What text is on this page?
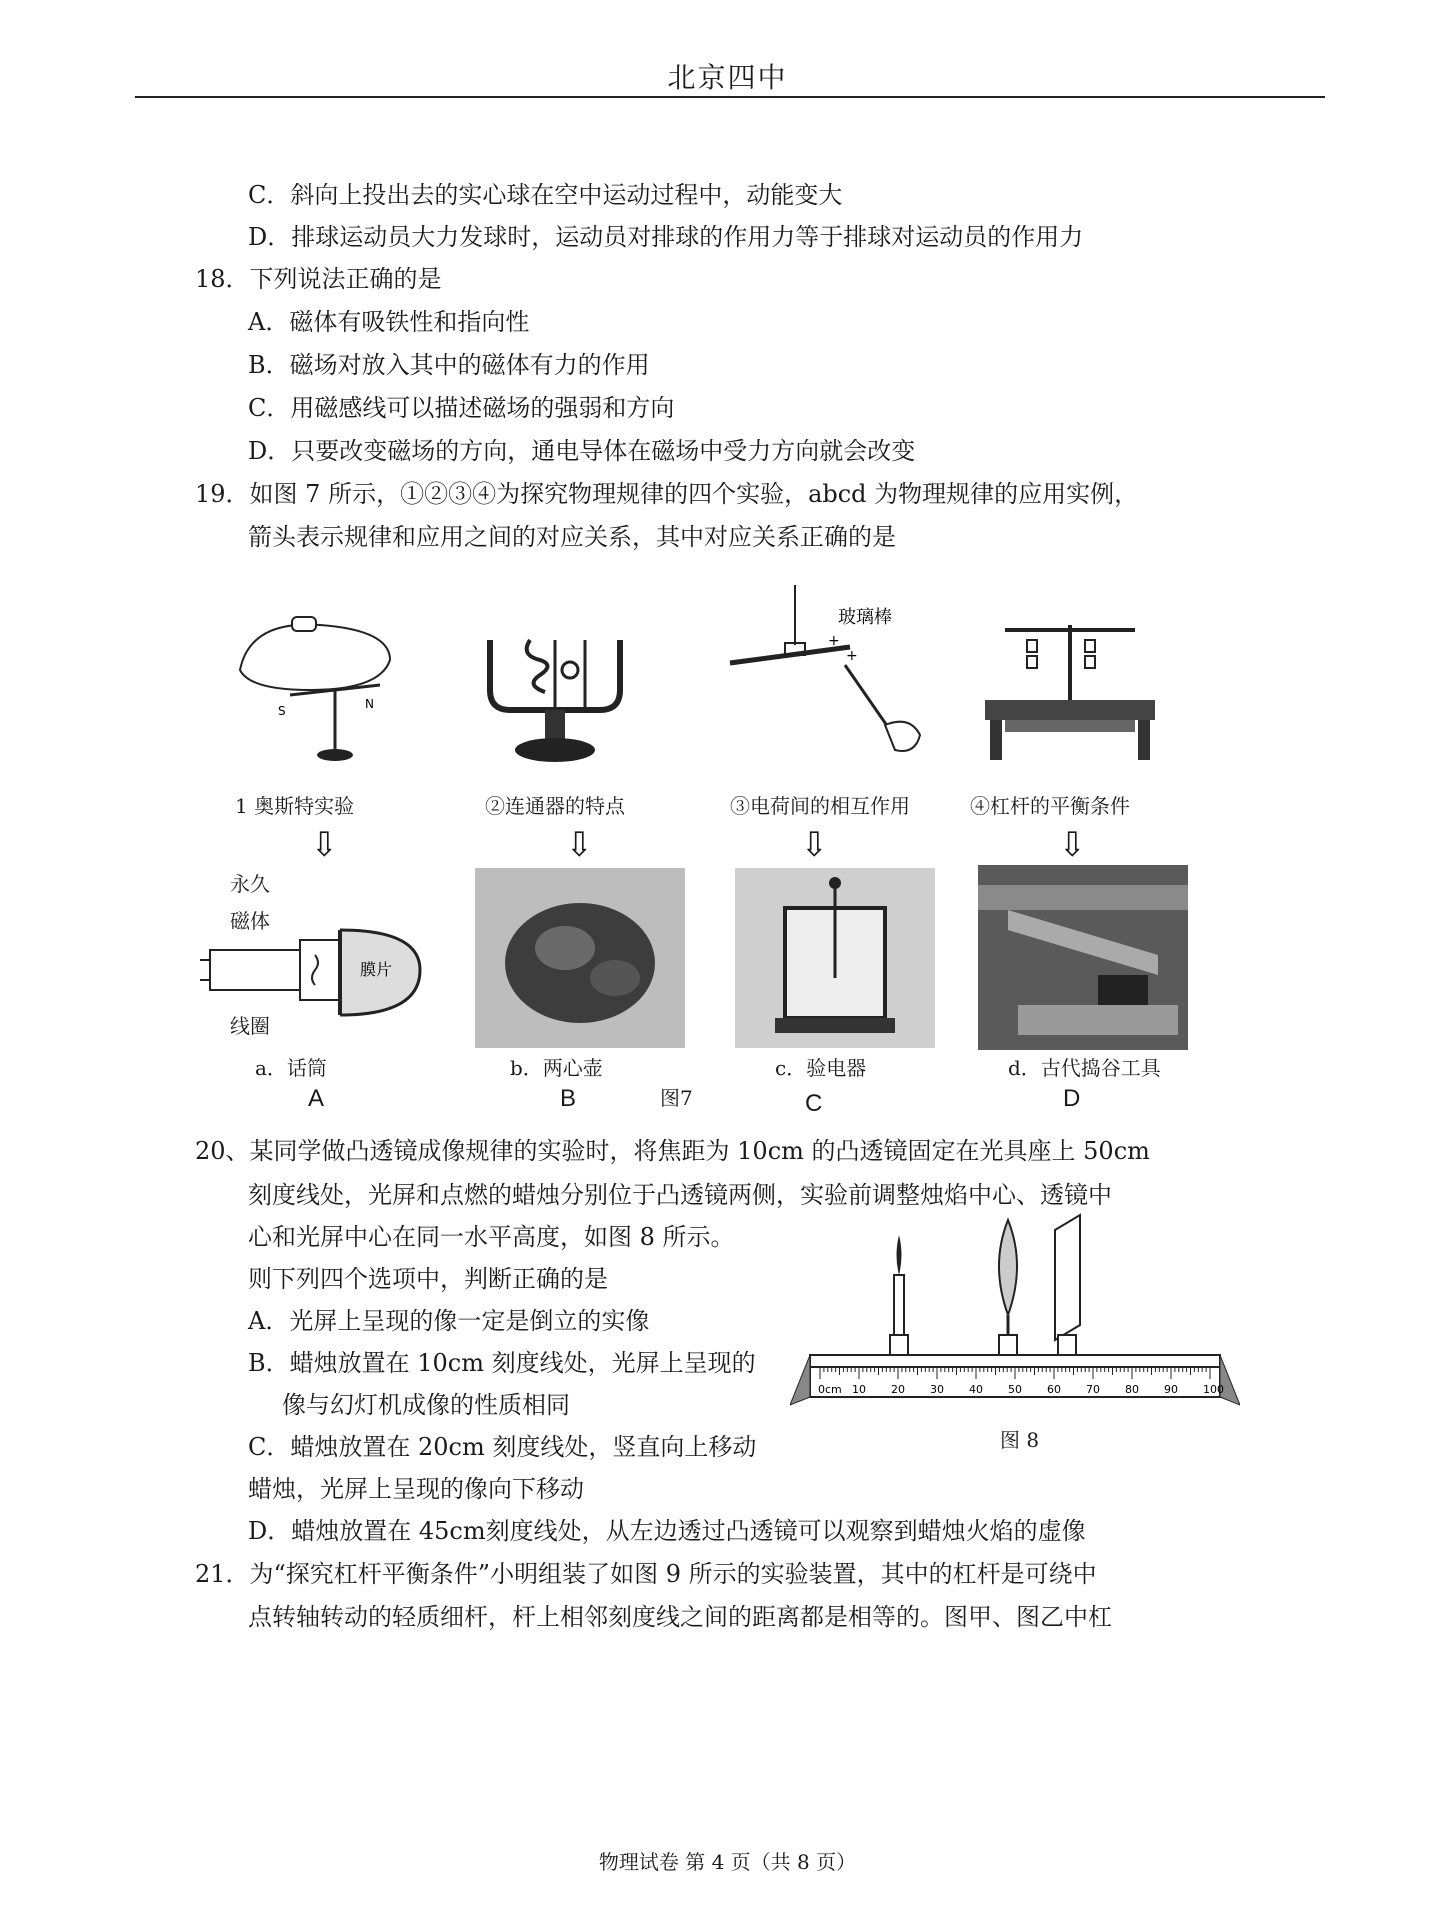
北京四中
C．斜向上投出去的实心球在空中运动过程中，动能变大
D．排球运动员大力发球时，运动员对排球的作用力等于排球对运动员的作用力
18．下列说法正确的是
A．磁体有吸铁性和指向性
B．磁场对放入其中的磁体有力的作用
C．用磁感线可以描述磁场的强弱和方向
D．只要改变磁场的方向，通电导体在磁场中受力方向就会改变
19．如图 7 所示，①②③④为探究物理规律的四个实验，abcd 为物理规律的应用实例，
箭头表示规律和应用之间的对应关系，其中对应关系正确的是
S	N
+
+
玻璃棒
1 奥斯特实验	②连通器的特点	③电荷间的相互作用	④杠杆的平衡条件
⇩	⇩	⇩	⇩
永久
磁体
膜片
线圈
a．话筒	b．两心壶	c．验电器	d．古代捣谷工具
A	B	图7	C	D
20、某同学做凸透镜成像规律的实验时，将焦距为 10cm 的凸透镜固定在光具座上 50cm
刻度线处，光屏和点燃的蜡烛分别位于凸透镜两侧，实验前调整烛焰中心、透镜中
心和光屏中心在同一水平高度，如图 8 所示。
则下列四个选项中，判断正确的是
A．光屏上呈现的像一定是倒立的实像
B．蜡烛放置在 10cm 刻度线处，光屏上呈现的
像与幻灯机成像的性质相同
C．蜡烛放置在 20cm 刻度线处，竖直向上移动
蜡烛，光屏上呈现的像向下移动
D．蜡烛放置在 45cm刻度线处，从左边透过凸透镜可以观察到蜡烛火焰的虚像
0cm 10 20 30 40 50 60 70 80 90 100
图 8
21．为“探究杠杆平衡条件”小明组装了如图 9 所示的实验装置，其中的杠杆是可绕中
点转轴转动的轻质细杆，杆上相邻刻度线之间的距离都是相等的。图甲、图乙中杠
物理试卷 第 4 页（共 8 页）
